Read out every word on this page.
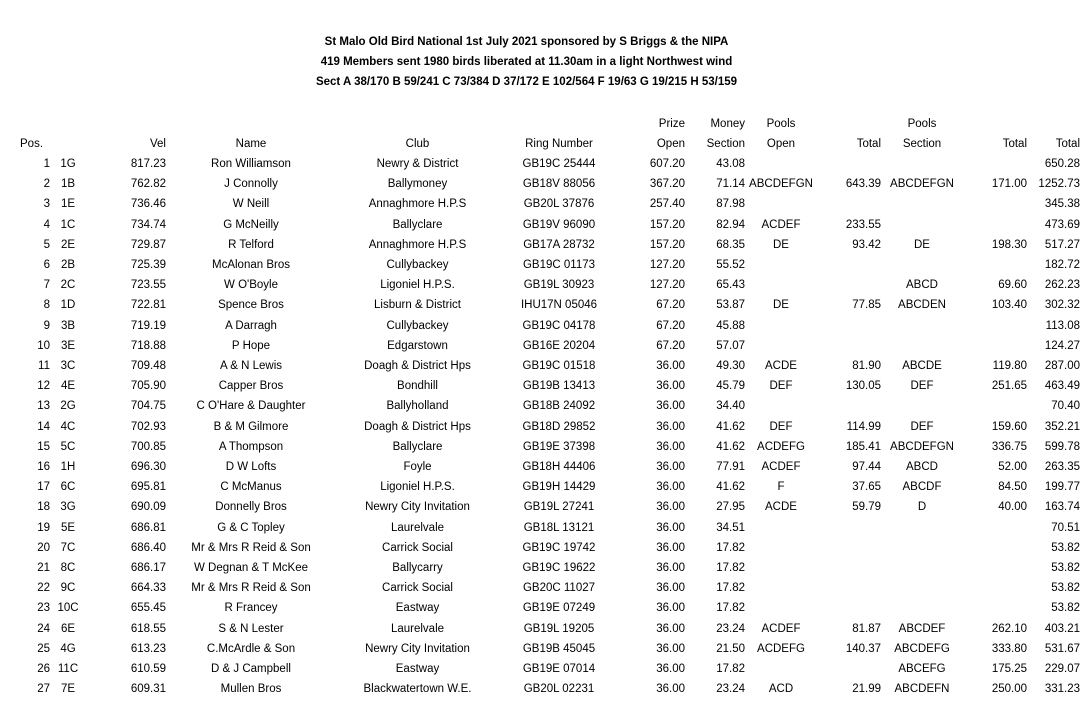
St Malo Old Bird National 1st July 2021 sponsored by S Briggs & the NIPA
419 Members sent 1980 birds liberated at 11.30am in a light Northwest wind
Sect A 38/170 B 59/241 C 73/384 D 37/172 E 102/564 F 19/63 G 19/215 H 53/159
						Prize	Money	Pools		Pools		
Pos.		Vel	Name	Club	Ring Number	Open	Section	Open	Total	Section	Total	Total
1	1G	817.23	Ron Williamson	Newry & District	GB19C 25444	607.20	43.08					650.28
2	1B	762.82	J Connolly	Ballymoney	GB18V 88056	367.20	71.14	ABCDEFGN	643.39	ABCDEFGN	171.00	1252.73
3	1E	736.46	W Neill	Annaghmore H.P.S	GB20L 37876	257.40	87.98					345.38
4	1C	734.74	G McNeilly	Ballyclare	GB19V 96090	157.20	82.94	ACDEF	233.55			473.69
5	2E	729.87	R Telford	Annaghmore H.P.S	GB17A 28732	157.20	68.35	DE	93.42	DE	198.30	517.27
6	2B	725.39	McAlonan Bros	Cullybackey	GB19C 01173	127.20	55.52					182.72
7	2C	723.55	W O'Boyle	Ligoniel H.P.S.	GB19L 30923	127.20	65.43			ABCD	69.60	262.23
8	1D	722.81	Spence Bros	Lisburn & District	IHU17N 05046	67.20	53.87	DE	77.85	ABCDEN	103.40	302.32
9	3B	719.19	A Darragh	Cullybackey	GB19C 04178	67.20	45.88					113.08
10	3E	718.88	P Hope	Edgarstown	GB16E 20204	67.20	57.07					124.27
11	3C	709.48	A & N Lewis	Doagh & District Hps	GB19C 01518	36.00	49.30	ACDE	81.90	ABCDE	119.80	287.00
12	4E	705.90	Capper Bros	Bondhill	GB19B 13413	36.00	45.79	DEF	130.05	DEF	251.65	463.49
13	2G	704.75	C O'Hare & Daughter	Ballyholland	GB18B 24092	36.00	34.40					70.40
14	4C	702.93	B & M Gilmore	Doagh & District Hps	GB18D 29852	36.00	41.62	DEF	114.99	DEF	159.60	352.21
15	5C	700.85	A Thompson	Ballyclare	GB19E 37398	36.00	41.62	ACDEFG	185.41	ABCDEFGN	336.75	599.78
16	1H	696.30	D W Lofts	Foyle	GB18H 44406	36.00	77.91	ACDEF	97.44	ABCD	52.00	263.35
17	6C	695.81	C McManus	Ligoniel H.P.S.	GB19H 14429	36.00	41.62	F	37.65	ABCDF	84.50	199.77
18	3G	690.09	Donnelly Bros	Newry City Invitation	GB19L 27241	36.00	27.95	ACDE	59.79	D	40.00	163.74
19	5E	686.81	G & C Topley	Laurelvale	GB18L 13121	36.00	34.51					70.51
20	7C	686.40	Mr & Mrs R Reid & Son	Carrick Social	GB19C 19742	36.00	17.82					53.82
21	8C	686.17	W Degnan & T McKee	Ballycarry	GB19C 19622	36.00	17.82					53.82
22	9C	664.33	Mr & Mrs R Reid & Son	Carrick Social	GB20C 11027	36.00	17.82					53.82
23	10C	655.45	R Francey	Eastway	GB19E 07249	36.00	17.82					53.82
24	6E	618.55	S & N Lester	Laurelvale	GB19L 19205	36.00	23.24	ACDEF	81.87	ABCDEF	262.10	403.21
25	4G	613.23	C.McArdle & Son	Newry City Invitation	GB19B 45045	36.00	21.50	ACDEFG	140.37	ABCDEFG	333.80	531.67
26	11C	610.59	D & J Campbell	Eastway	GB19E 07014	36.00	17.82			ABCEFG	175.25	229.07
27	7E	609.31	Mullen Bros	Blackwatertown W.E.	GB20L 02231	36.00	23.24	ACD	21.99	ABCDEFN	250.00	331.23
